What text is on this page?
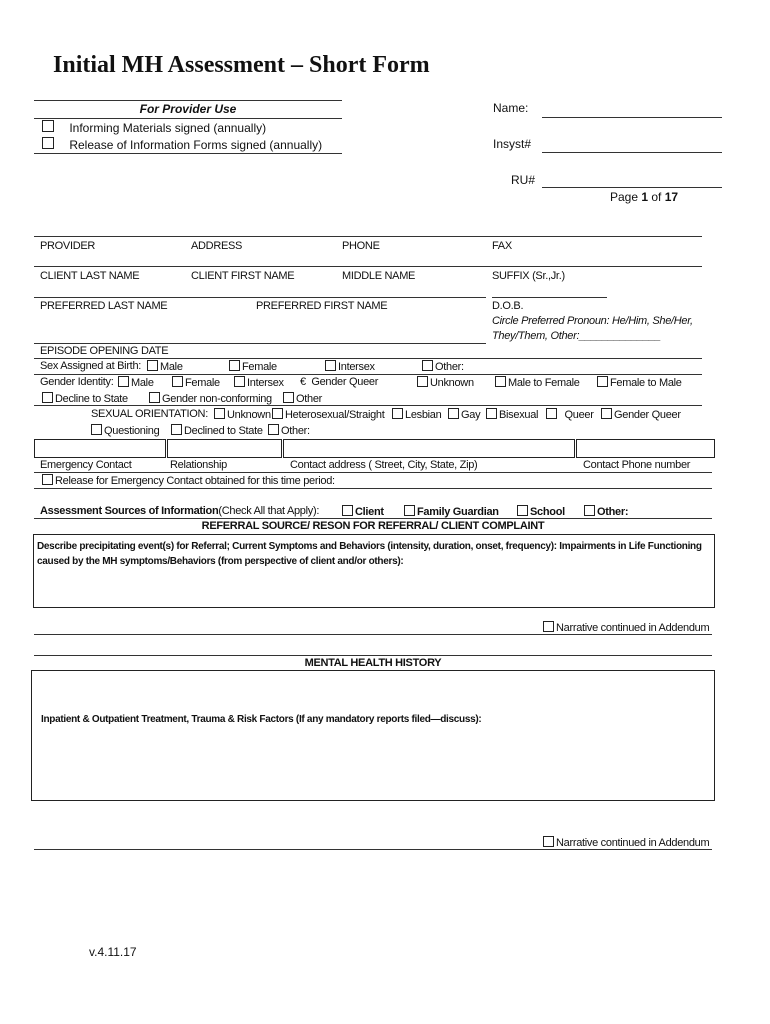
Initial MH Assessment – Short Form
For Provider Use
Informing Materials signed (annually)
Release of Information Forms signed (annually)
Name:
Insyst#
RU#
Page 1 of 17
PROVIDER	ADDRESS	PHONE	FAX
CLIENT LAST NAME	CLIENT FIRST NAME	MIDDLE NAME	SUFFIX (Sr.,Jr.)
PREFERRED LAST NAME	PREFERRED FIRST NAME	D.O.B.
Circle Preferred Pronoun: He/Him, She/Her,
They/Them, Other:______________
EPISODE OPENING DATE
Sex Assigned at Birth:	Male	Female	Intersex	Other:
Gender Identity:	Male	Female	Intersex € Gender Queer	Unknown	Male to Female	Female to Male
Decline to State	Gender non-conforming	Other
SEXUAL ORIENTATION:	Unknown	Heterosexual/Straight	Lesbian	Gay	Bisexual	Queer	Gender Queer
Questioning	Declined to State	Other:
Emergency Contact	Relationship	Contact address ( Street, City, State, Zip)	Contact Phone number
Release for Emergency Contact obtained for this time period:
Assessment Sources of Information(Check All that Apply):	Client	Family Guardian	School	Other:
REFERRAL SOURCE/ RESON FOR REFERRAL/ CLIENT COMPLAINT
Describe precipitating event(s) for Referral; Current Symptoms and Behaviors (intensity, duration, onset, frequency): Impairments in Life Functioning
caused by the MH symptoms/Behaviors (from perspective of client and/or others):
Narrative continued in Addendum
MENTAL HEALTH HISTORY
Inpatient & Outpatient Treatment, Trauma & Risk Factors (If any mandatory reports filed—discuss):
Narrative continued in Addendum
v.4.11.17
